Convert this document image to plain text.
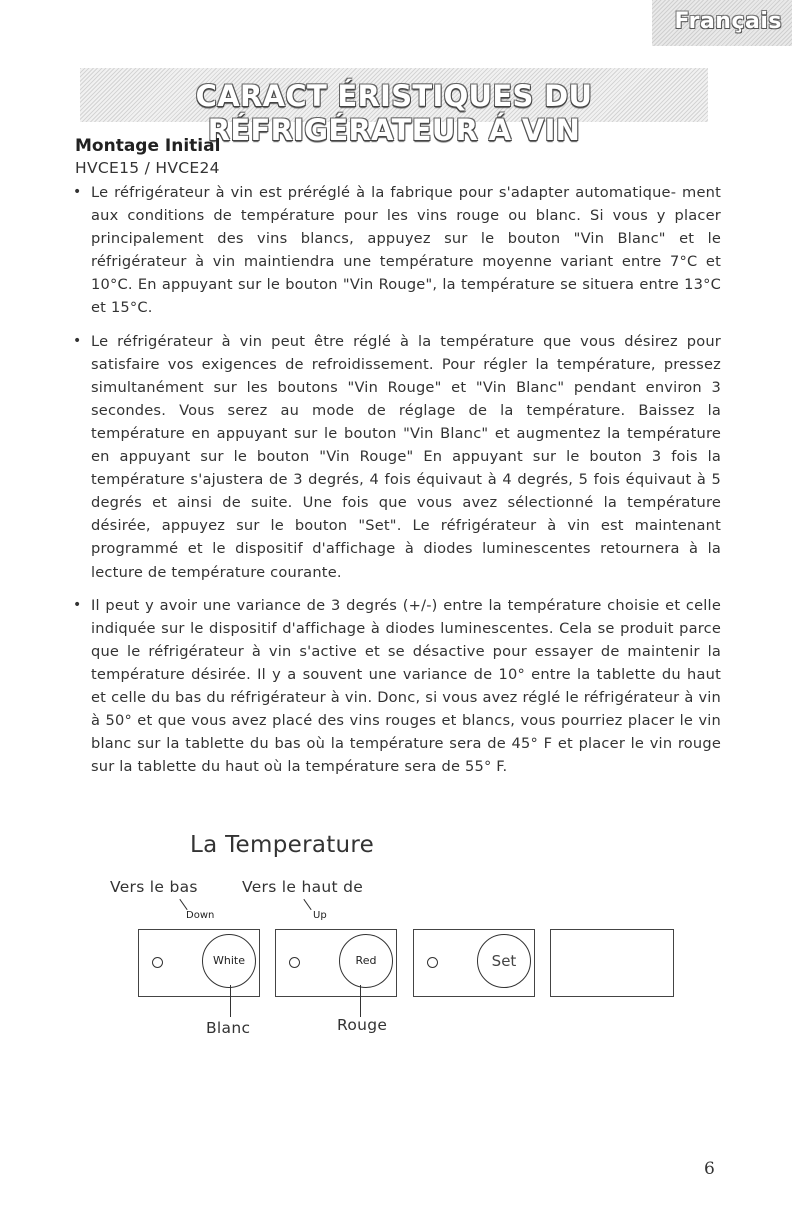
Français
CARACT ÉRISTIQUES DU RÉFRIGÉRATEUR Á VIN
Montage Initial
HVCE15 / HVCE24
• Le réfrigérateur à vin est préréglé à la fabrique pour s'adapter automatique- ment aux conditions de température pour les vins rouge ou blanc. Si vous y placer principalement des vins blancs, appuyez sur le bouton "Vin Blanc" et le réfrigérateur à vin maintiendra une température moyenne variant entre 7°C et 10°C. En appuyant sur le bouton "Vin Rouge", la température se situera entre 13°C et 15°C.
• Le réfrigérateur à vin peut être réglé à la température que vous désirez pour satisfaire vos exigences de refroidissement. Pour régler la température, pressez simultanément sur les boutons "Vin Rouge" et "Vin Blanc" pendant environ 3 secondes. Vous serez au mode de réglage de la température. Baissez la température en appuyant sur le bouton "Vin Blanc" et augmentez la température en appuyant sur le bouton "Vin Rouge" En appuyant sur le bouton 3 fois la température s'ajustera de 3 degrés, 4 fois équivaut à 4 degrés, 5 fois équivaut à 5 degrés et ainsi de suite. Une fois que vous avez sélectionné la température désirée, appuyez sur le bouton "Set". Le réfrigérateur à vin est maintenant programmé et le dispositif d'affichage à diodes luminescentes retournera à la lecture de température courante.
• Il peut y avoir une variance de 3 degrés (+/-) entre la température choisie et celle indiquée sur le dispositif d'affichage à diodes luminescentes. Cela se produit parce que le réfrigérateur à vin s'active et se désactive pour essayer de maintenir la température désirée. Il y a souvent une variance de 10° entre la tablette du haut et celle du bas du réfrigérateur à vin. Donc, si vous avez réglé le réfrigérateur à vin à 50° et que vous avez placé des vins rouges et blancs, vous pourriez placer le vin blanc sur la tablette du bas où la température sera de 45° F et placer le vin rouge sur la tablette du haut où la température sera de 55° F.
La Temperature
Vers le bas	Vers le haut de
Down	Up
White	Red	Set
Blanc	Rouge
6
